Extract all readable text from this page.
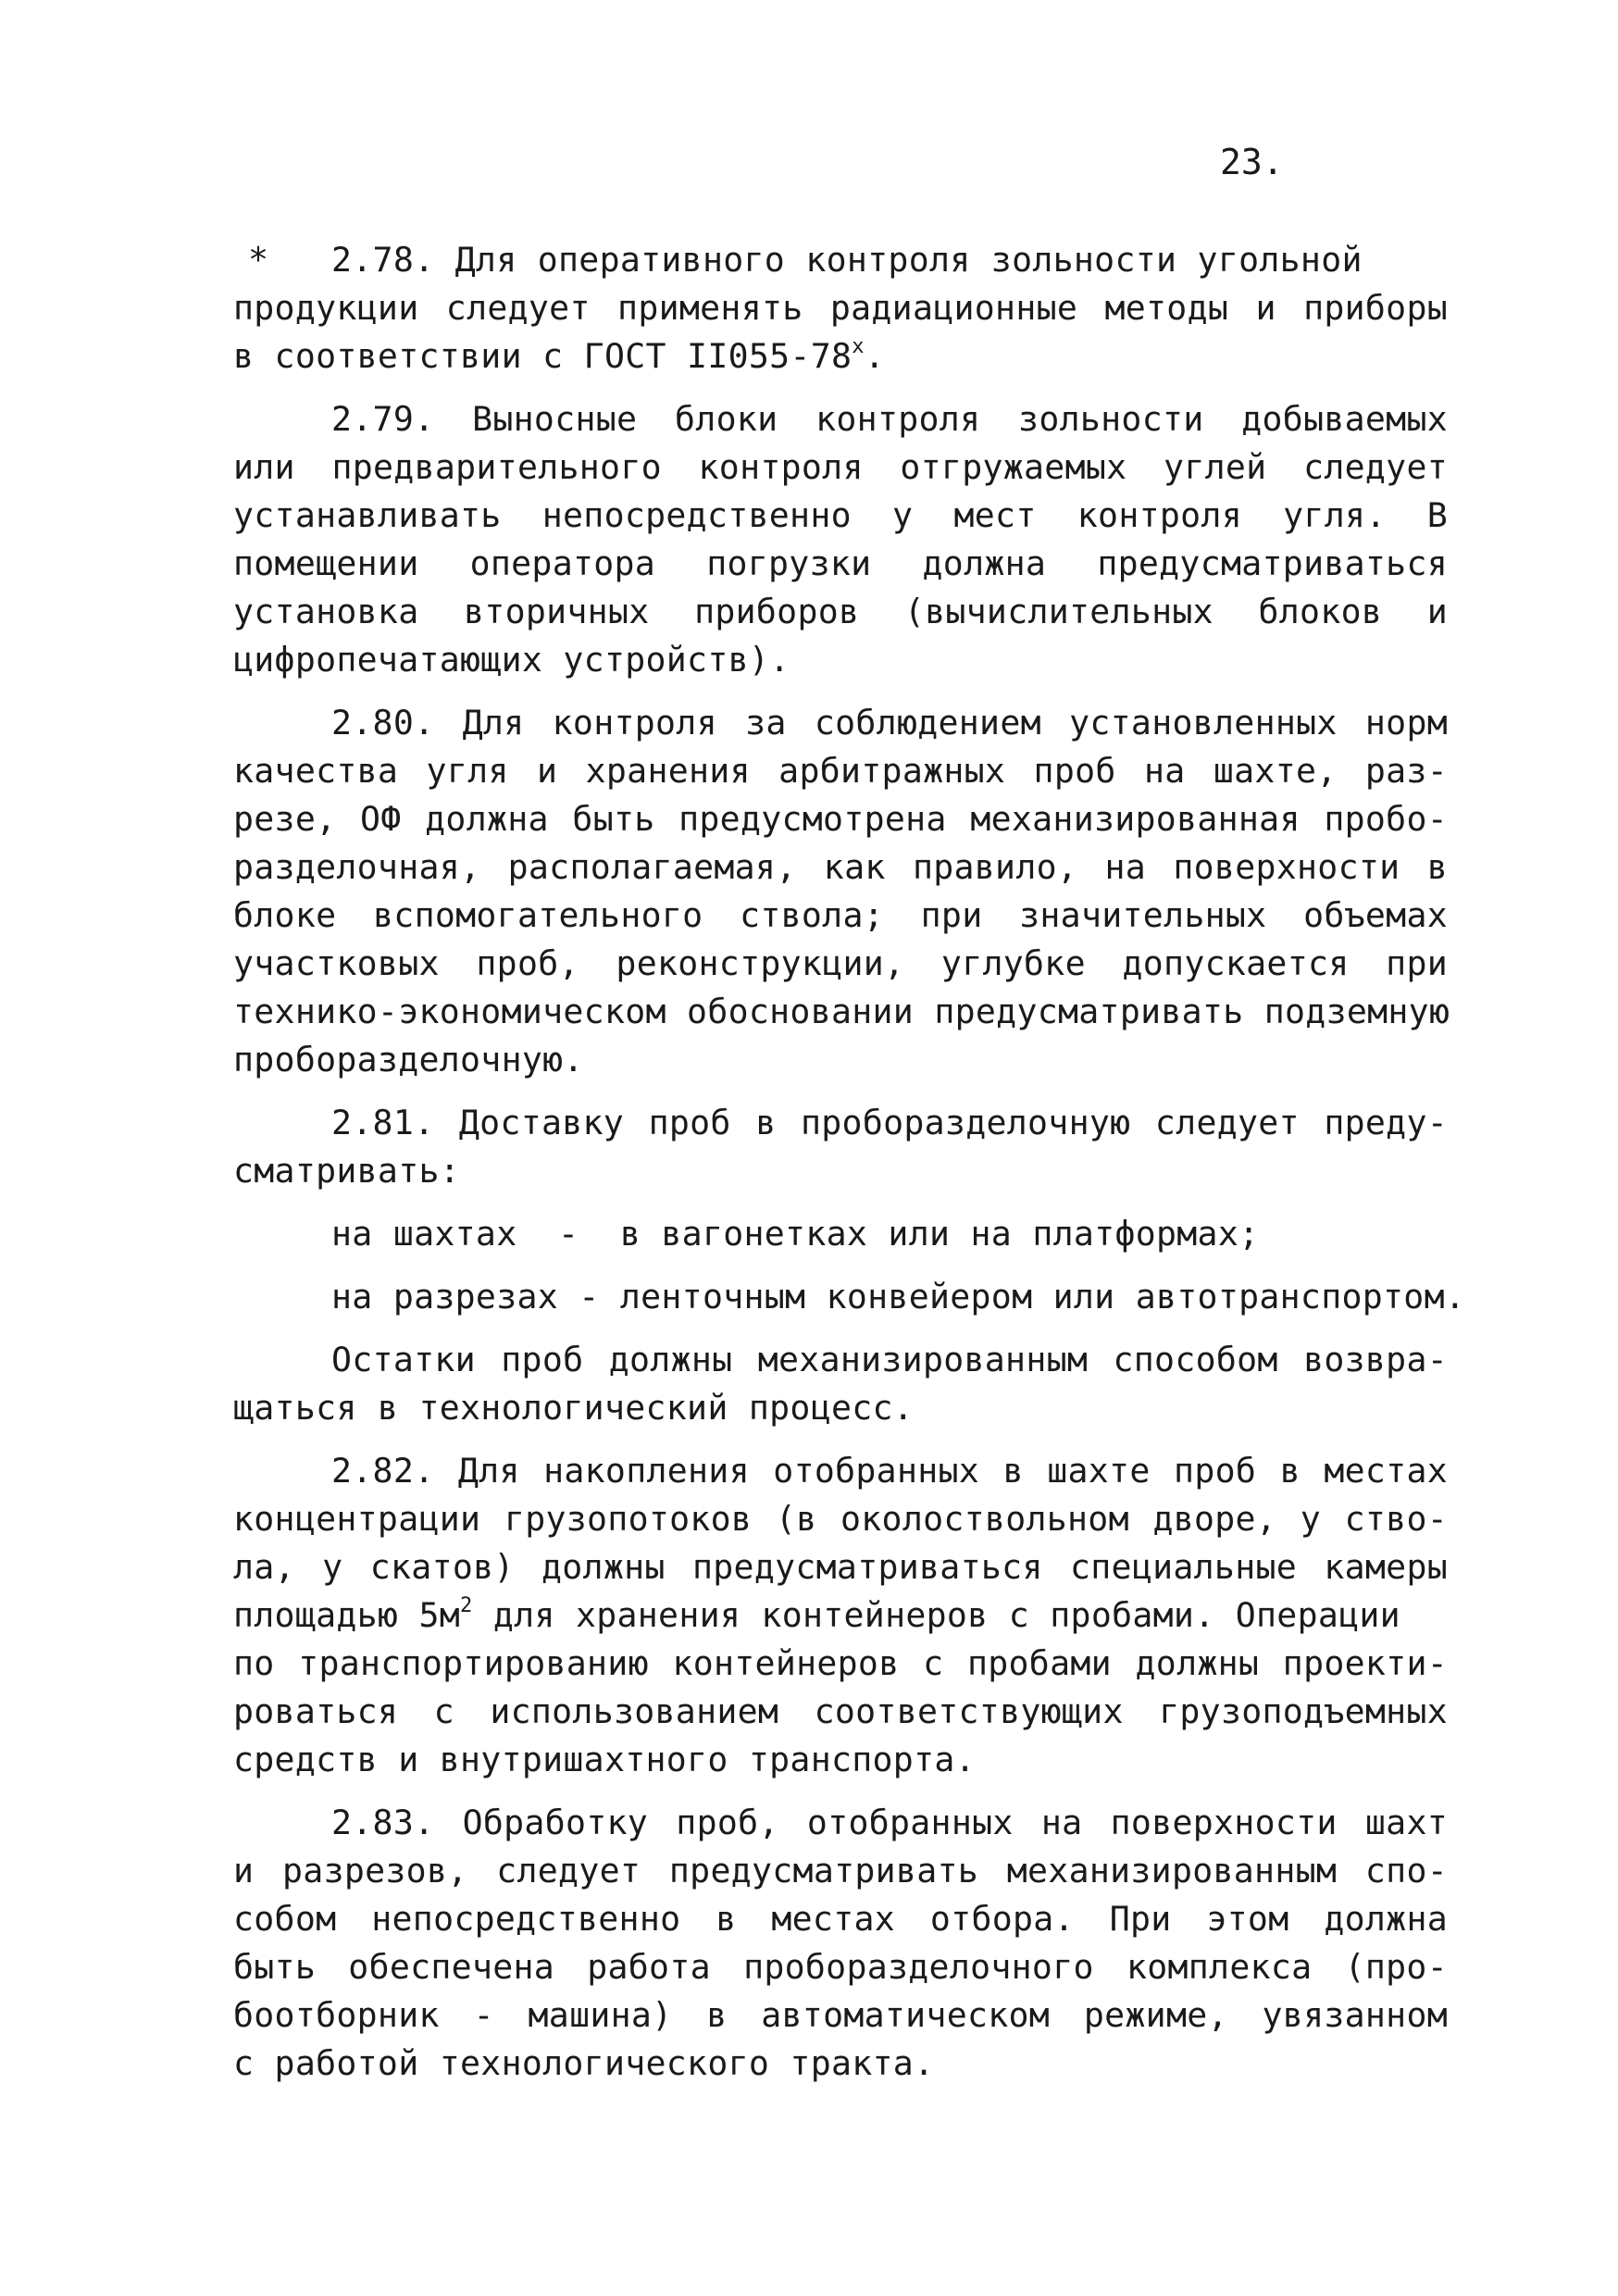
23.
* 2.78. Для оперативного контроля зольности угольной
продукции следует применять радиационные методы и приборы
в соответствии с ГОСТ II055-78$^x$.
2.79. Выносные блоки контроля зольности добываемых
или предварительного контроля отгружаемых углей следует
устанавливать непосредственно у мест контроля угля. В
помещении оператора погрузки должна предусматриваться
установка вторичных приборов (вычислительных блоков и
цифропечатающих устройств).
2.80. Для контроля за соблюдением установленных норм
качества угля и хранения арбитражных проб на шахте, раз-
резе, ОФ должна быть предусмотрена механизированная пробо-
разделочная, располагаемая, как правило, на поверхности в
блоке вспомогательного ствола; при значительных объемах
участковых проб, реконструкции, углубке допускается при
технико-экономическом обосновании предусматривать подземную
проборазделочную.
2.81. Доставку проб в проборазделочную следует преду-
сматривать:
на шахтах  -  в вагонетках или на платформах;
на разрезах - ленточным конвейером или автотранспортом.
Остатки проб должны механизированным способом возвра-
щаться в технологический процесс.
2.82. Для накопления отобранных в шахте проб в местах
концентрации грузопотоков (в околоствольном дворе, у ство-
ла, у скатов) должны предусматриваться специальные камеры
площадью $5м^2$ для хранения контейнеров с пробами. Операции
по транспортированию контейнеров с пробами должны проекти-
роваться с использованием соответствующих грузоподъемных
средств и внутришахтного транспорта.
2.83. Обработку проб, отобранных на поверхности шахт
и разрезов, следует предусматривать механизированным спо-
собом непосредственно в местах отбора. При этом должна
быть обеспечена работа проборазделочного комплекса (про-
боотборник - машина) в автоматическом режиме, увязанном
с работой технологического тракта.
